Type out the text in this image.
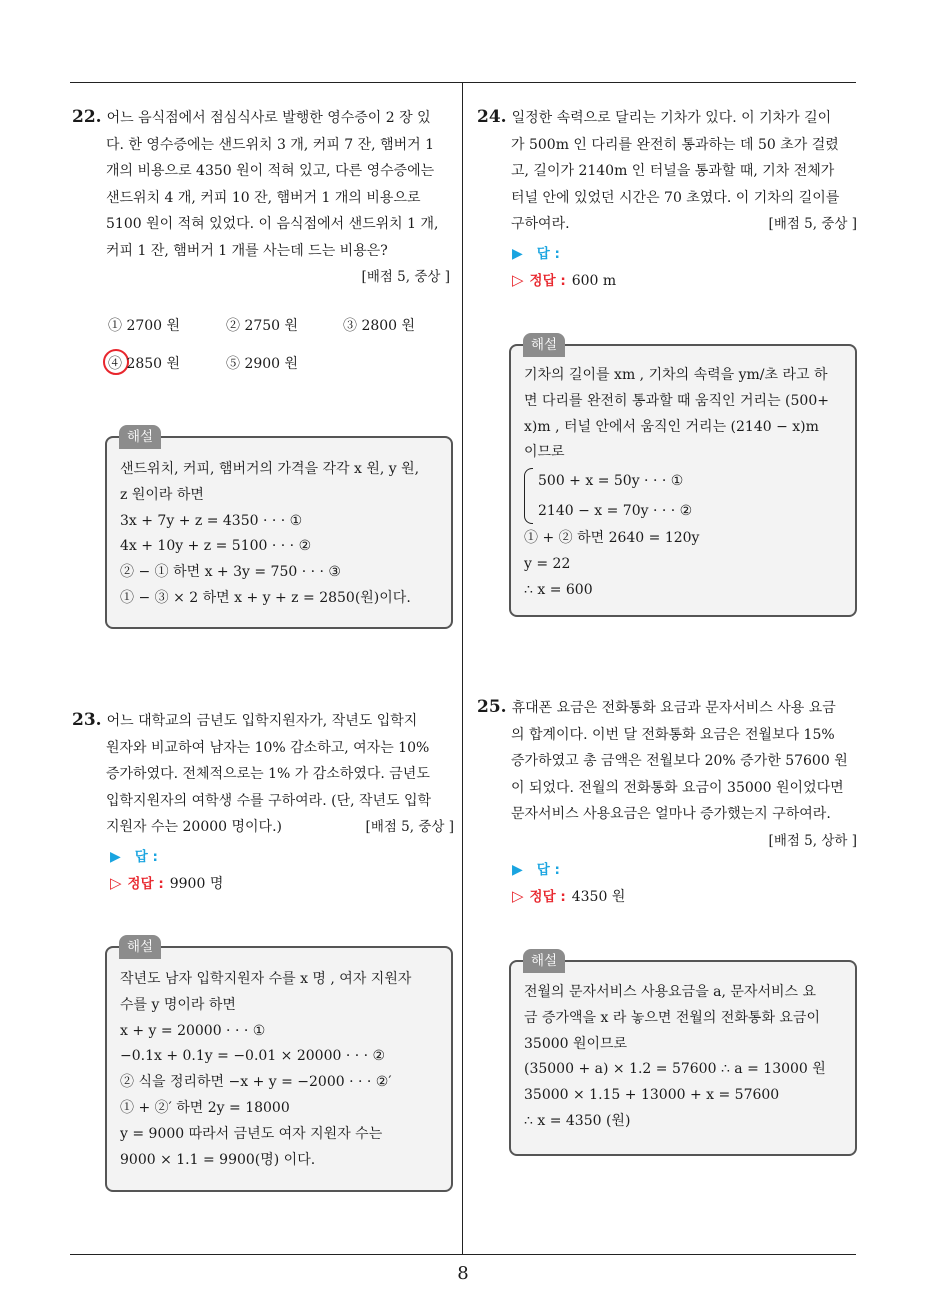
22. 어느 음식점에서 점심식사로 발행한 영수증이 2 장 있
다. 한 영수증에는 샌드위치 3 개, 커피 7 잔, 햄버거 1
개의 비용으로 4350 원이 적혀 있고, 다른 영수증에는
샌드위치 4 개, 커피 10 잔, 햄버거 1 개의 비용으로
5100 원이 적혀 있었다. 이 음식점에서 샌드위치 1 개,
커피 1 잔, 햄버거 1 개를 사는데 드는 비용은?
[배점 5, 중상 ]
① 2700 원	② 2750 원	③ 2800 원
④ 2850 원	⑤ 2900 원
해설
샌드위치, 커피, 햄버거의 가격을 각각 x 원, y 원,
z 원이라 하면
3x + 7y + z = 4350 · · · ①
4x + 10y + z = 5100 · · · ②
② − ① 하면 x + 3y = 750 · · · ③
① − ③ × 2 하면 x + y + z = 2850(원)이다.
23. 어느 대학교의 금년도 입학지원자가, 작년도 입학지
원자와 비교하여 남자는 10% 감소하고, 여자는 10%
증가하였다. 전체적으로는 1% 가 감소하였다. 금년도
입학지원자의 여학생 수를 구하여라. (단, 작년도 입학
지원자 수는 20000 명이다.)	[배점 5, 중상 ]
▶ 답 :
▷ 정답 : 9900 명
해설
작년도 남자 입학지원자 수를 x 명 , 여자 지원자
수를 y 명이라 하면
x + y = 20000 · · · ①
−0.1x + 0.1y = −0.01 × 20000 · · · ②
② 식을 정리하면 −x + y = −2000 · · · ②′
① + ②′ 하면 2y = 18000
y = 9000 따라서 금년도 여자 지원자 수는
9000 × 1.1 = 9900(명) 이다.
24. 일정한 속력으로 달리는 기차가 있다. 이 기차가 길이
가 500m 인 다리를 완전히 통과하는 데 50 초가 걸렸
고, 길이가 2140m 인 터널을 통과할 때, 기차 전체가
터널 안에 있었던 시간은 70 초였다. 이 기차의 길이를
구하여라.	[배점 5, 중상 ]
▶ 답 :
▷ 정답 : 600 m
해설
기차의 길이를 xm , 기차의 속력을 ym/초 라고 하
면 다리를 완전히 통과할 때 움직인 거리는 (500+
x)m , 터널 안에서 움직인 거리는 (2140 − x)m
이므로
500 + x = 50y · · · ①
2140 − x = 70y · · · ②
① + ② 하면 2640 = 120y
y = 22
∴ x = 600
25. 휴대폰 요금은 전화통화 요금과 문자서비스 사용 요금
의 합계이다. 이번 달 전화통화 요금은 전월보다 15%
증가하였고 총 금액은 전월보다 20% 증가한 57600 원
이 되었다. 전월의 전화통화 요금이 35000 원이었다면
문자서비스 사용요금은 얼마나 증가했는지 구하여라.
[배점 5, 상하 ]
▶ 답 :
▷ 정답 : 4350 원
해설
전월의 문자서비스 사용요금을 a, 문자서비스 요
금 증가액을 x 라 놓으면 전월의 전화통화 요금이
35000 원이므로
(35000 + a) × 1.2 = 57600 ∴ a = 13000 원
35000 × 1.15 + 13000 + x = 57600
∴ x = 4350 (원)
8
